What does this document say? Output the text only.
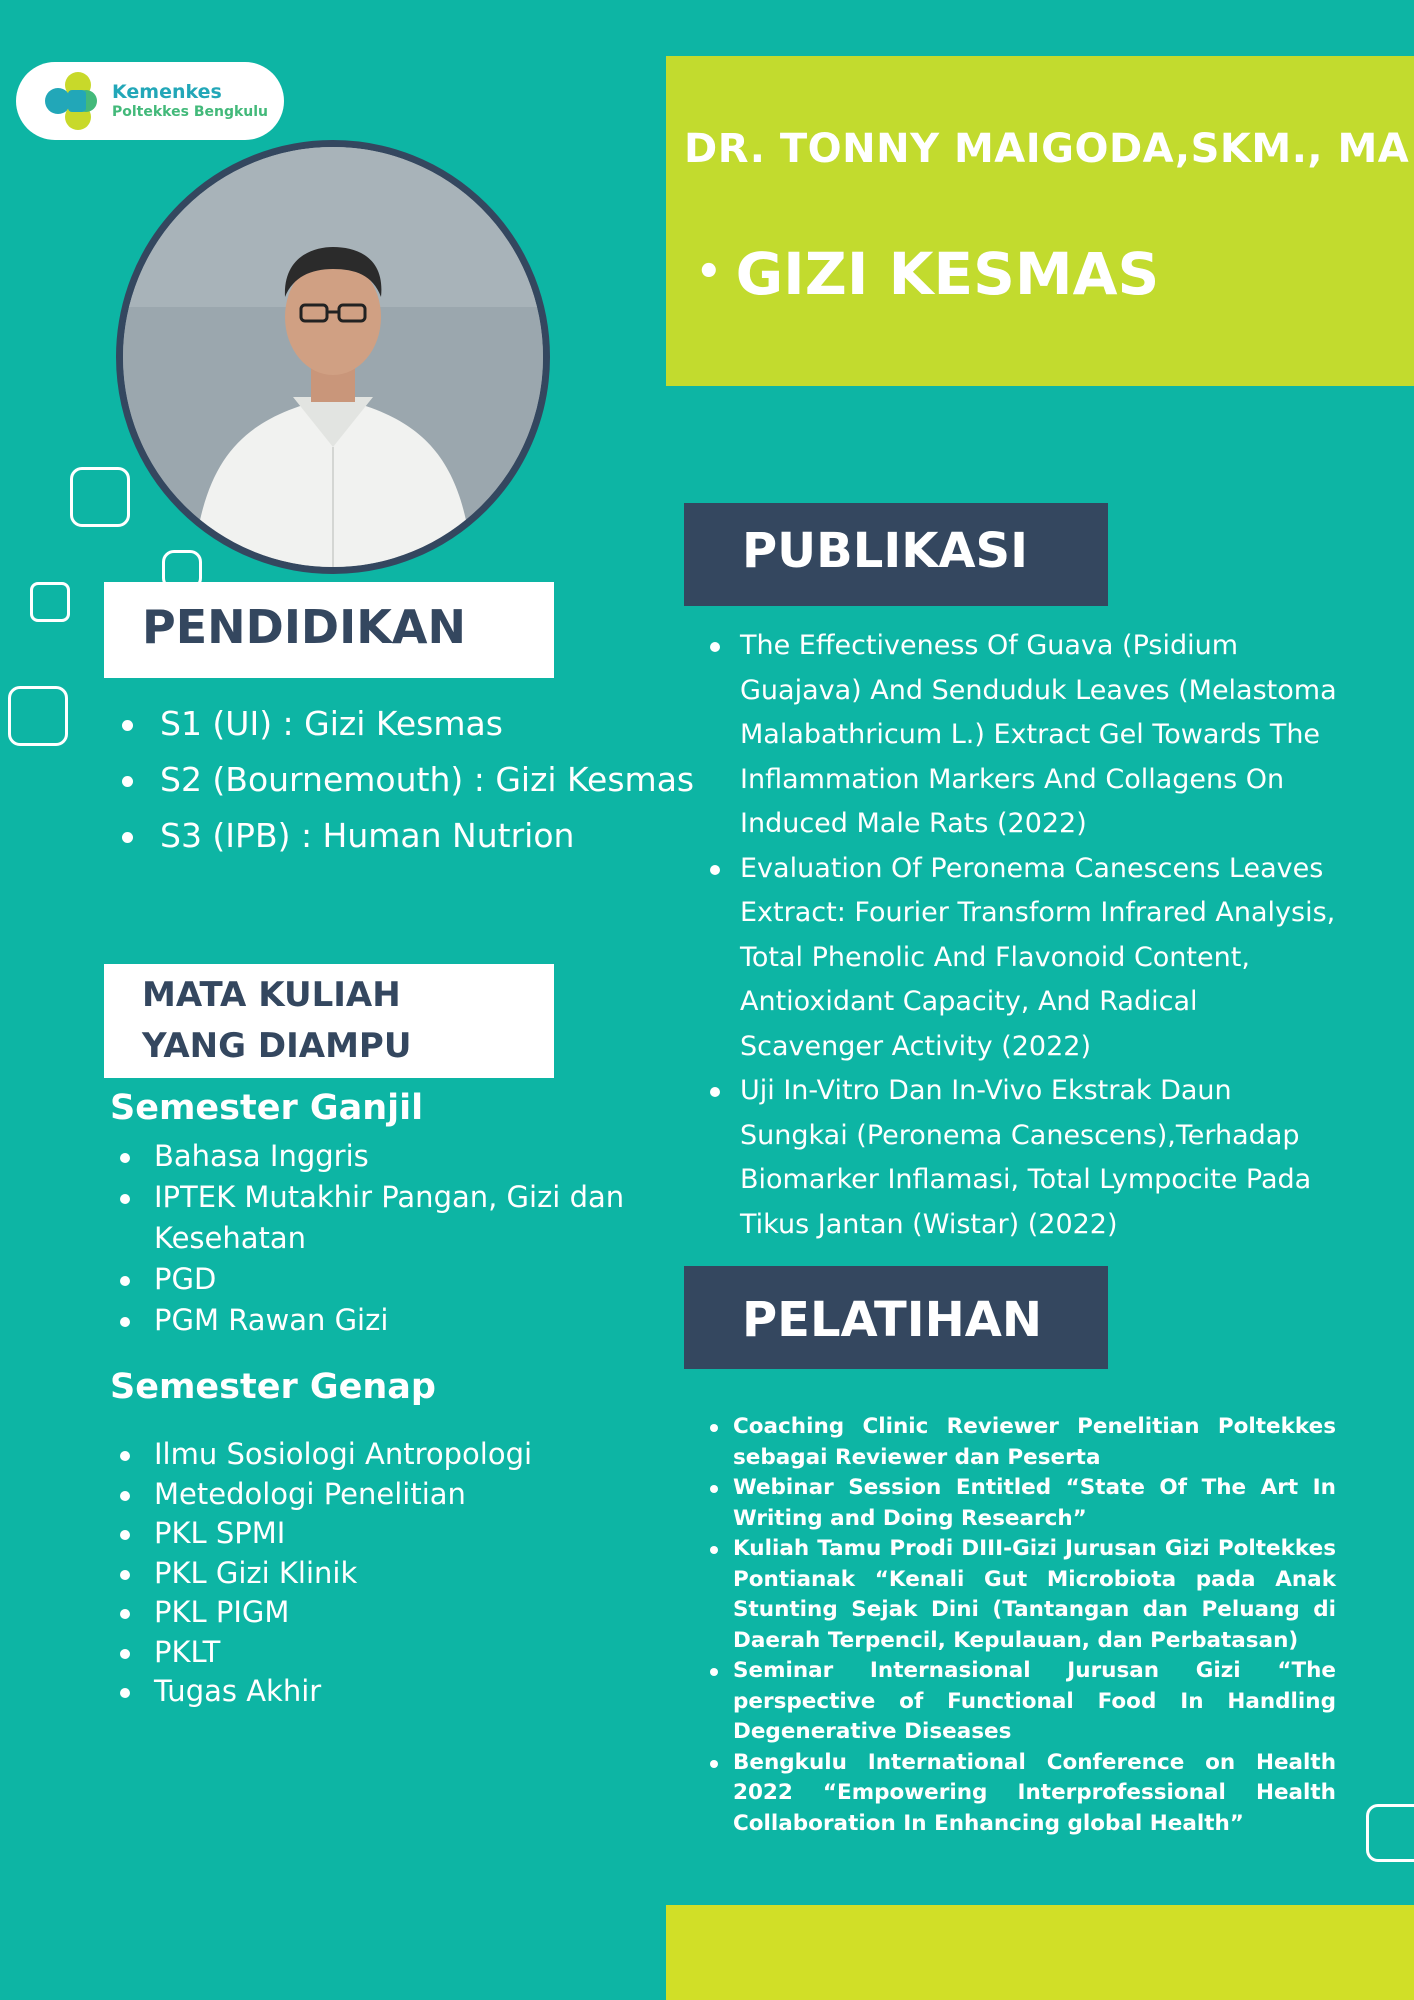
Kemenkes
Poltekkes Bengkulu
DR. TONNY MAIGODA,SKM., MA
• GIZI KESMAS
PENDIDIKAN
S1 (UI) : Gizi Kesmas
S2 (Bournemouth) : Gizi Kesmas
S3 (IPB) : Human Nutrion
MATA KULIAH
YANG DIAMPU
Semester Ganjil
Bahasa Inggris
IPTEK Mutakhir Pangan, Gizi dan Kesehatan
PGD
PGM Rawan Gizi
Semester Genap
Ilmu Sosiologi Antropologi
Metedologi Penelitian
PKL SPMI
PKL Gizi Klinik
PKL PIGM
PKLT
Tugas Akhir
PUBLIKASI
The Effectiveness Of Guava (Psidium Guajava) And Senduduk Leaves (Melastoma Malabathricum L.) Extract Gel Towards The Inflammation Markers And Collagens On Induced Male Rats (2022)
Evaluation Of Peronema Canescens Leaves Extract: Fourier Transform Infrared Analysis, Total Phenolic And Flavonoid Content, Antioxidant Capacity, And Radical Scavenger Activity (2022)
Uji In-Vitro Dan In-Vivo Ekstrak Daun Sungkai (Peronema Canescens),Terhadap Biomarker Inflamasi, Total Lympocite Pada Tikus Jantan (Wistar) (2022)
PELATIHAN
Coaching Clinic Reviewer Penelitian Poltekkes sebagai Reviewer dan Peserta
Webinar Session Entitled “State Of The Art In Writing and Doing Research”
Kuliah Tamu Prodi DIII-Gizi Jurusan Gizi Poltekkes Pontianak “Kenali Gut Microbiota pada Anak Stunting Sejak Dini (Tantangan dan Peluang di Daerah Terpencil, Kepulauan, dan Perbatasan)
Seminar Internasional Jurusan Gizi “The perspective of Functional Food In Handling Degenerative Diseases
Bengkulu International Conference on Health 2022 “Empowering Interprofessional Health Collaboration In Enhancing global Health”
